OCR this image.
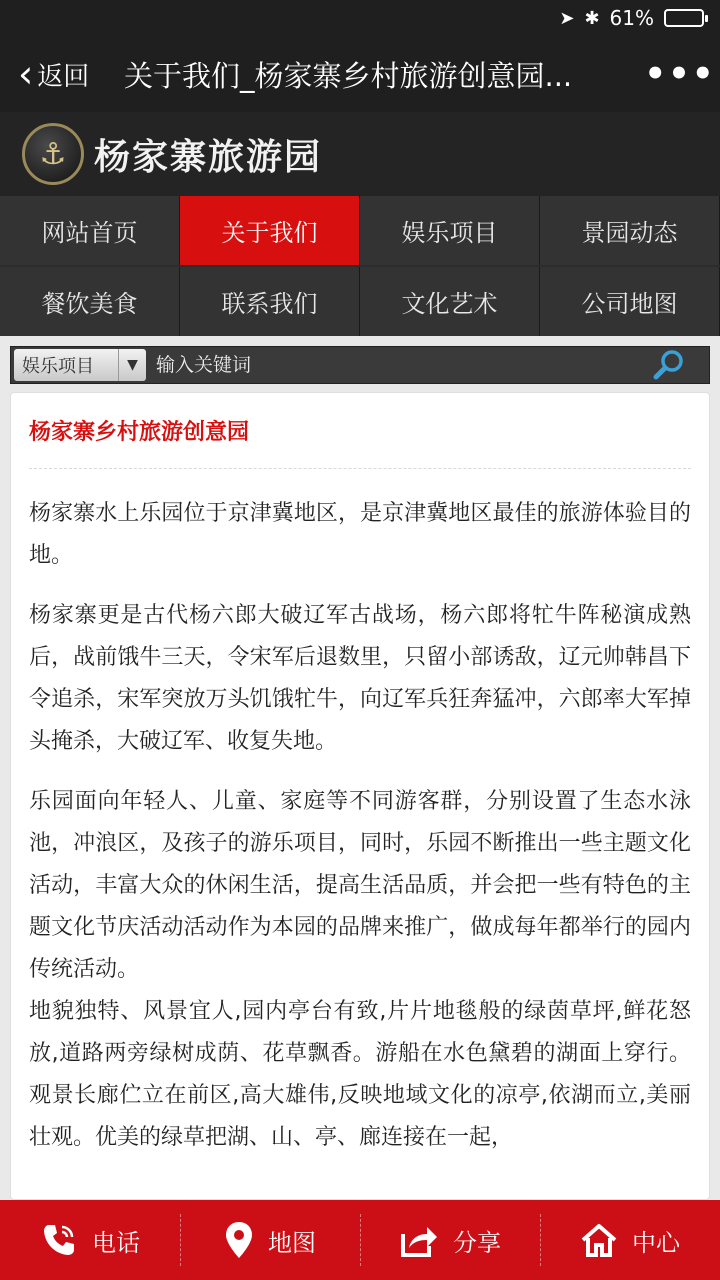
➤ ✱ 61%
‹ 返回 关于我们_杨家寨乡村旅游创意园...	•••
⚓ 杨家寨旅游园
网站首页	关于我们	娱乐项目	景园动态
餐饮美食	联系我们	文化艺术	公司地图
娱乐项目	▼
输入关键词
杨家寨乡村旅游创意园

杨家寨水上乐园位于京津冀地区，是京津冀地区最佳的旅游体验目的地。

杨家寨更是古代杨六郎大破辽军古战场，杨六郎将牤牛阵秘演成熟后，战前饿牛三天，令宋军后退数里，只留小部诱敌，辽元帅韩昌下令追杀，宋军突放万头饥饿牤牛，向辽军兵狂奔猛冲，六郎率大军掉头掩杀，大破辽军、收复失地。

乐园面向年轻人、儿童、家庭等不同游客群，分别设置了生态水泳池，冲浪区，及孩子的游乐项目，同时，乐园不断推出一些主题文化活动，丰富大众的休闲生活，提高生活品质，并会把一些有特色的主题文化节庆活动活动作为本园的品牌来推广，做成每年都举行的园内传统活动。

地貌独特、风景宜人,园内亭台有致,片片地毯般的绿茵草坪,鲜花怒放,道路两旁绿树成荫、花草飘香。游船在水色黛碧的湖面上穿行。观景长廊伫立在前区,高大雄伟,反映地域文化的凉亭,依湖而立,美丽壮观。优美的绿草把湖、山、亭、廊连接在一起，

电话	地图	分享	中心
